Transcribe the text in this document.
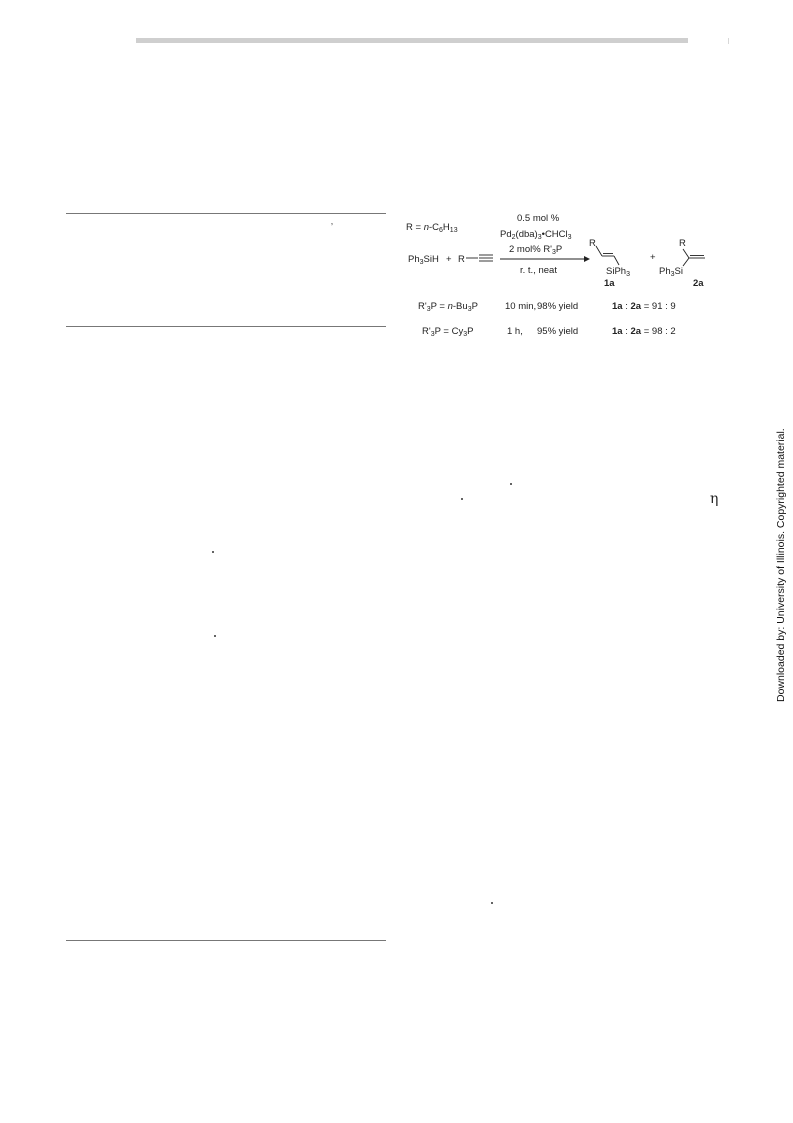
ʼ
η
$R = n-C_6H_{13}$
$Ph_3SiH + R$
0.5 mol %
$Pd_2(dba)_3•CHCl_3$
2 mol% $R'_3P$
r. t., neat
R
SiPh$_3$
1a
+
R
$Ph_3Si$
2a
$R'_3P = n-Bu_3P$	10 min, 98% yield	1a : 2a = 91 : 9
$R'_3P = Cy_3P$	1 h, 95% yield	1a : 2a = 98 : 2
Downloaded by: University of Illinois. Copyrighted material.
